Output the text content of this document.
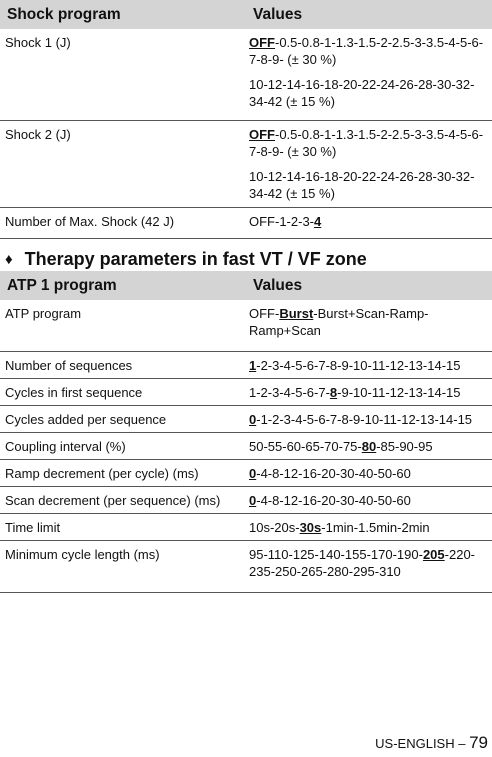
Shock program	Values
Shock 1 (J)	OFF-0.5-0.8-1-1.3-1.5-2-2.5-3-3.5-4-5-6-7-8-9- (± 30 %)
10-12-14-16-18-20-22-24-26-28-30-32-34-42 (± 15 %)

Shock 2 (J)	OFF-0.5-0.8-1-1.3-1.5-2-2.5-3-3.5-4-5-6-7-8-9- (± 30 %)
10-12-14-16-18-20-22-24-26-28-30-32-34-42 (± 15 %)

Number of Max. Shock (42 J)	OFF-1-2-3-4
♦ Therapy parameters in fast VT / VF zone
ATP 1 program	Values
ATP program	OFF-Burst-Burst+Scan-Ramp-Ramp+Scan
Number of sequences	1-2-3-4-5-6-7-8-9-10-11-12-13-14-15
Cycles in first sequence	1-2-3-4-5-6-7-8-9-10-11-12-13-14-15
Cycles added per sequence	0-1-2-3-4-5-6-7-8-9-10-11-12-13-14-15
Coupling interval (%)	50-55-60-65-70-75-80-85-90-95
Ramp decrement (per cycle) (ms)	0-4-8-12-16-20-30-40-50-60
Scan decrement (per sequence) (ms)	0-4-8-12-16-20-30-40-50-60
Time limit	10s-20s-30s-1min-1.5min-2min
Minimum cycle length (ms)	95-110-125-140-155-170-190-205-220-235-250-265-280-295-310
US-ENGLISH – 79
